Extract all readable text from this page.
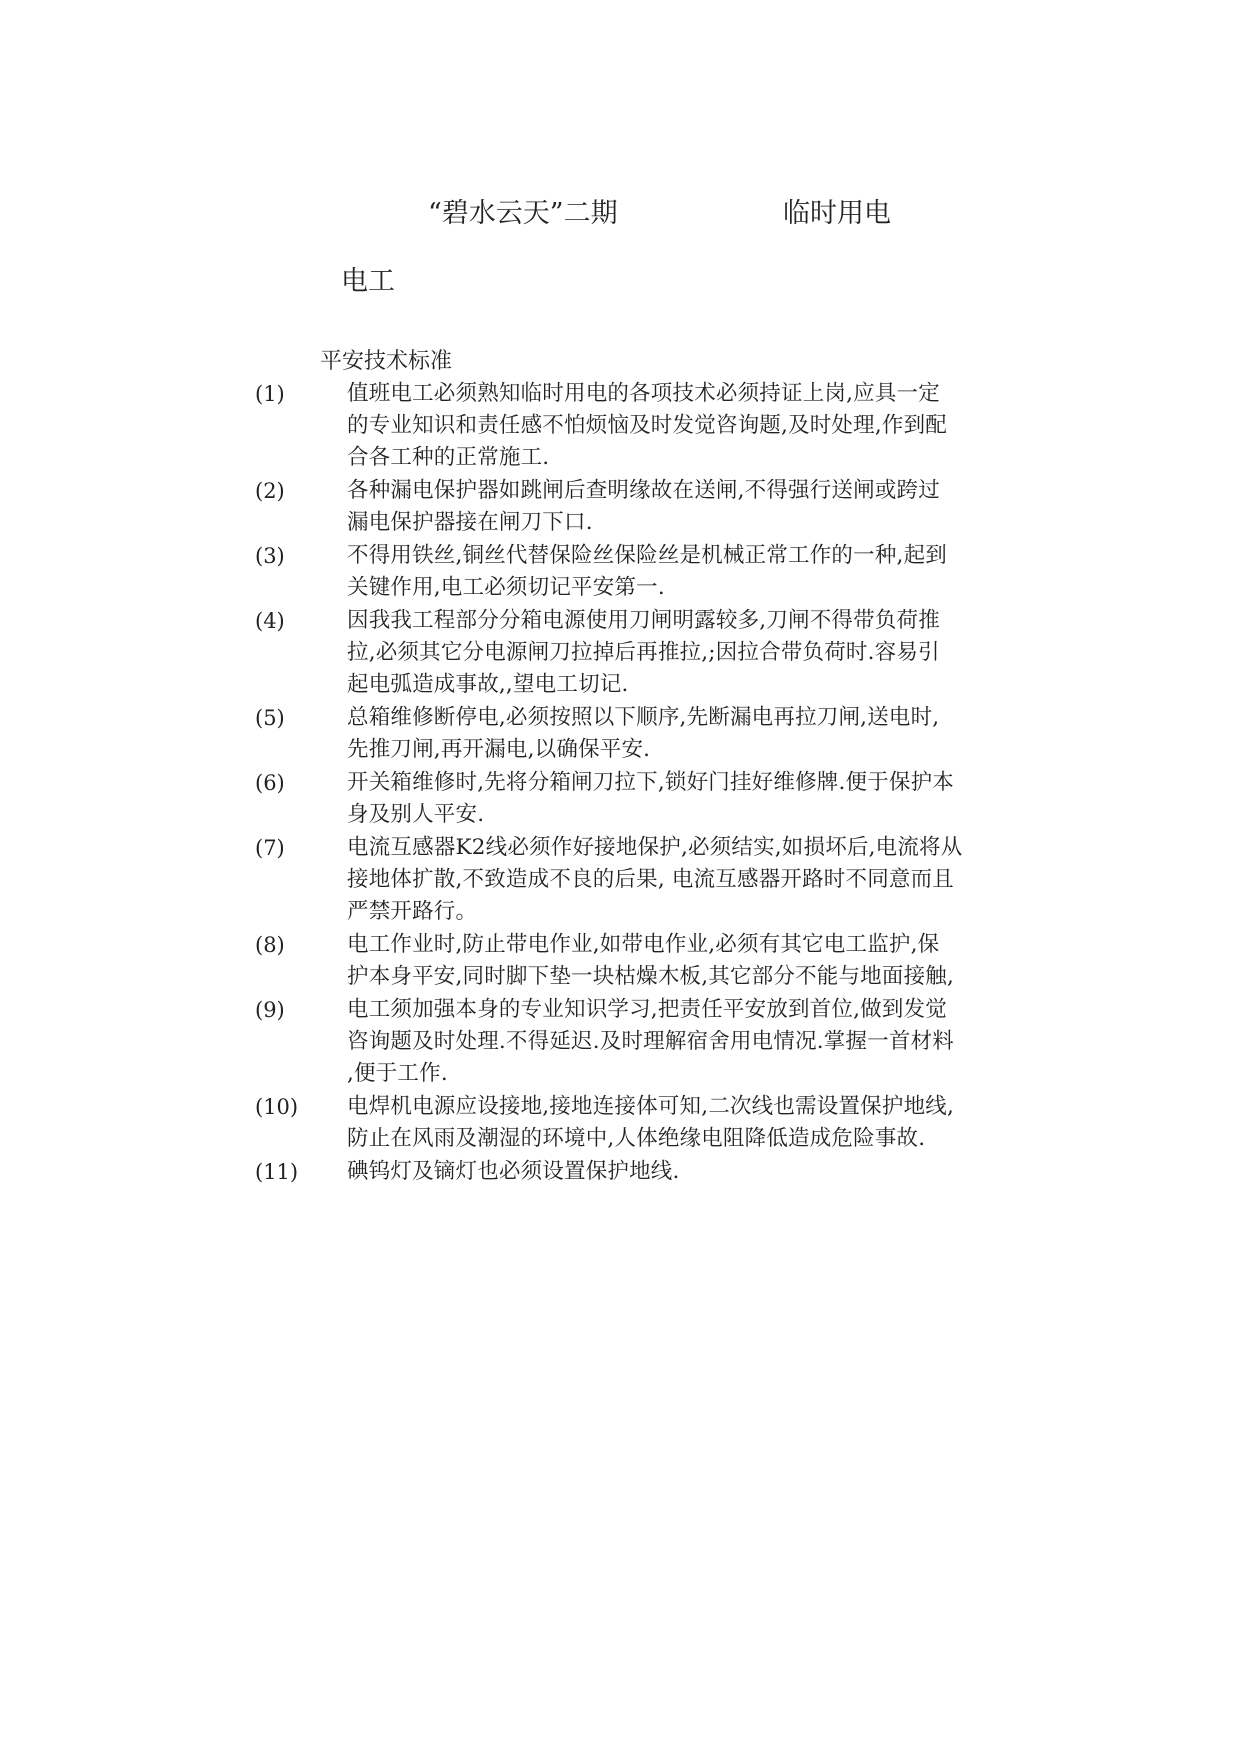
“碧水云天”二期	临时用电
电工
平安技术标准
(1)	值班电工必须熟知临时用电的各项技术必须持证上岗,应具一定
的专业知识和责任感不怕烦恼及时发觉咨询题,及时处理,作到配
合各工种的正常施工.
(2)	各种漏电保护器如跳闸后查明缘故在送闸,不得强行送闸或跨过
漏电保护器接在闸刀下口.
(3)	不得用铁丝,铜丝代替保险丝保险丝是机械正常工作的一种,起到
关键作用,电工必须切记平安第一.
(4)	因我我工程部分分箱电源使用刀闸明露较多,刀闸不得带负荷推
拉,必须其它分电源闸刀拉掉后再推拉,;因拉合带负荷时.容易引
起电弧造成事故,,望电工切记.
(5)	总箱维修断停电,必须按照以下顺序,先断漏电再拉刀闸,送电时,
先推刀闸,再开漏电,以确保平安.
(6)	开关箱维修时,先将分箱闸刀拉下,锁好门挂好维修牌.便于保护本
身及别人平安.
(7)	电流互感器K2线必须作好接地保护,必须结实,如损坏后,电流将从
接地体扩散,不致造成不良的后果, 电流互感器开路时不同意而且
严禁开路行。
(8)	电工作业时,防止带电作业,如带电作业,必须有其它电工监护,保
护本身平安,同时脚下垫一块枯燥木板,其它部分不能与地面接触,
(9)	电工须加强本身的专业知识学习,把责任平安放到首位,做到发觉
咨询题及时处理.不得延迟.及时理解宿舍用电情况.掌握一首材料
,便于工作.
(10)	电焊机电源应设接地,接地连接体可知,二次线也需设置保护地线,
防止在风雨及潮湿的环境中,人体绝缘电阻降低造成危险事故.
(11)	碘钨灯及镝灯也必须设置保护地线.
